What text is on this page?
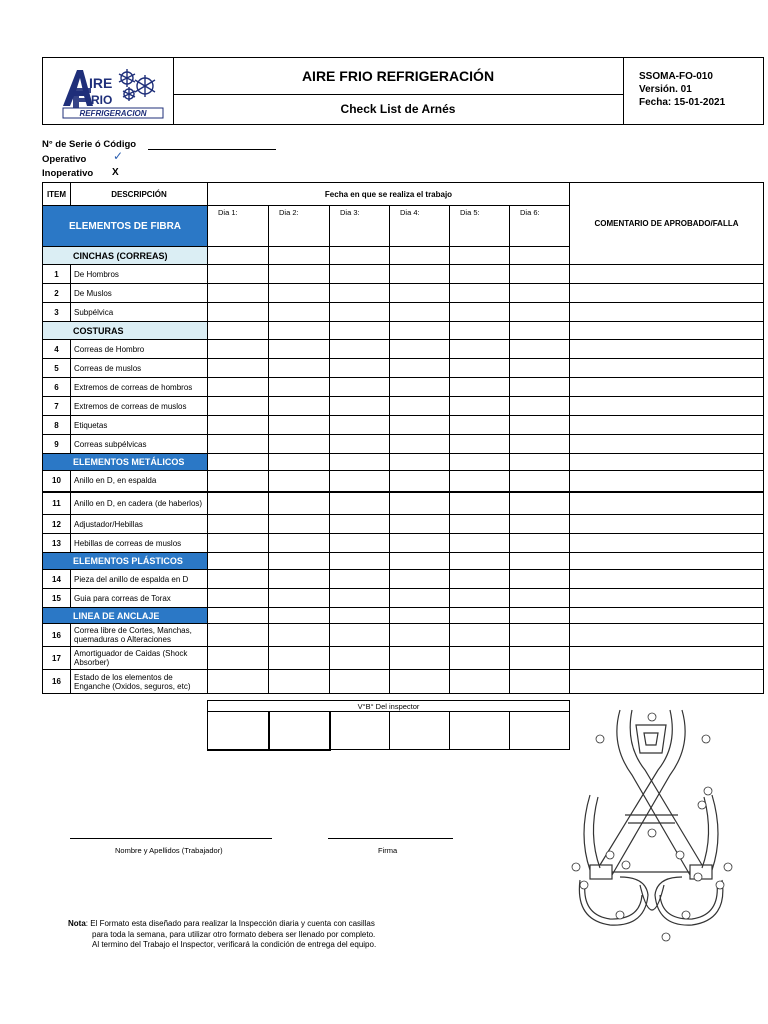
IRE
RIO
REFRIGERACION
AIRE FRIO REFRIGERACIÓN
Check List de Arnés
SSOMA-FO-010
Versión. 01
Fecha: 15-01-2021
N° de Serie ó Código
Operativo ✓
Inoperativo X
ITEM	DESCRIPCIÓN	Fecha en que se realiza el trabajo						COMENTARIO DE APROBADO/FALLA
ELEMENTOS DE FIBRA		Dia 1:	Dia 2:	Dia 3:	Dia 4:	Dia 5:	Dia 6:	
CINCHAS (CORREAS)								
1	De Hombros							
2	De Muslos							
3	Subpélvica							
COSTURAS								
4	Correas de Hombro							
5	Correas de muslos							
6	Extremos de correas de hombros							
7	Extremos de correas de muslos							
8	Etiquetas							
9	Correas subpélvicas							
ELEMENTOS METÁLICOS								
10	Anillo en D, en espalda							
11	Anillo en D, en cadera (de haberlos)							
12	Adjustador/Hebillas							
13	Hebillas de correas de muslos							
ELEMENTOS PLÁSTICOS								
14	Pieza del anillo de espalda en D							
15	Guia para correas de Torax							
LINEA DE ANCLAJE								
16	Correa libre de Cortes, Manchas, quemaduras o Alteraciones							
17	Amortiguador de Caidas (Shock Absorber)							
16	Estado de los elementos de Enganche (Oxidos, seguros, etc)							
V°B° Del inspector

Nombre y Apellidos (Trabajador)	Firma
Nota: El Formato esta diseñado para realizar la Inspección diaria y cuenta con casillas
para toda la semana, para utilizar otro formato debera ser llenado por completo.
Al termino del Trabajo el Inspector, verificará la condición de entrega del equipo.
